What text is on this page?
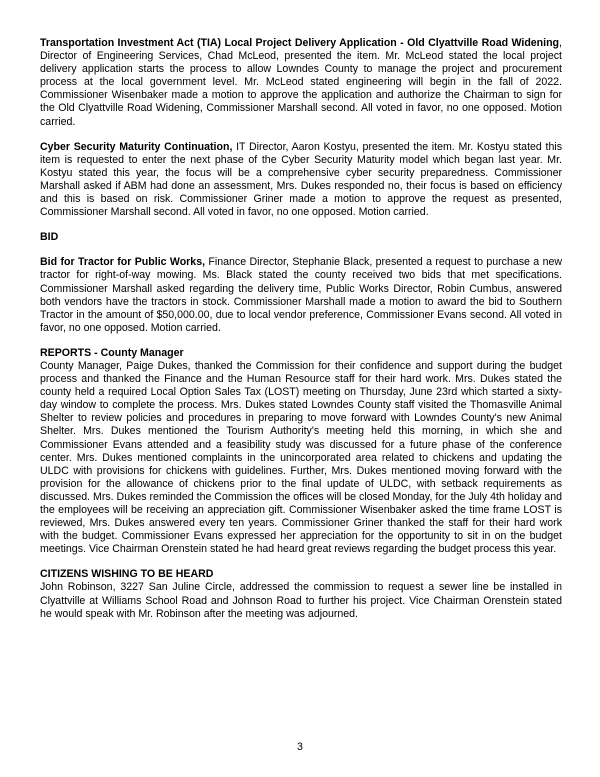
Transportation Investment Act (TIA) Local Project Delivery Application - Old Clyattville Road Widening, Director of Engineering Services, Chad McLeod, presented the item. Mr. McLeod stated the local project delivery application starts the process to allow Lowndes County to manage the project and procurement process at the local government level. Mr. McLeod stated engineering will begin in the fall of 2022. Commissioner Wisenbaker made a motion to approve the application and authorize the Chairman to sign for the Old Clyattville Road Widening, Commissioner Marshall second. All voted in favor, no one opposed. Motion carried.

Cyber Security Maturity Continuation, IT Director, Aaron Kostyu, presented the item. Mr. Kostyu stated this item is requested to enter the next phase of the Cyber Security Maturity model which began last year. Mr. Kostyu stated this year, the focus will be a comprehensive cyber security preparedness. Commissioner Marshall asked if ABM had done an assessment, Mrs. Dukes responded no, their focus is based on efficiency and this is based on risk. Commissioner Griner made a motion to approve the request as presented, Commissioner Marshall second. All voted in favor, no one opposed. Motion carried.

BID

Bid for Tractor for Public Works, Finance Director, Stephanie Black, presented a request to purchase a new tractor for right-of-way mowing. Ms. Black stated the county received two bids that met specifications. Commissioner Marshall asked regarding the delivery time, Public Works Director, Robin Cumbus, answered both vendors have the tractors in stock. Commissioner Marshall made a motion to award the bid to Southern Tractor in the amount of $50,000.00, due to local vendor preference, Commissioner Evans second. All voted in favor, no one opposed. Motion carried.

REPORTS - County Manager

County Manager, Paige Dukes, thanked the Commission for their confidence and support during the budget process and thanked the Finance and the Human Resource staff for their hard work. Mrs. Dukes stated the county held a required Local Option Sales Tax (LOST) meeting on Thursday, June 23rd which started a sixty-day window to complete the process. Mrs. Dukes stated Lowndes County staff visited the Thomasville Animal Shelter to review policies and procedures in preparing to move forward with Lowndes County's new Animal Shelter. Mrs. Dukes mentioned the Tourism Authority's meeting held this morning, in which she and Commissioner Evans attended and a feasibility study was discussed for a future phase of the conference center. Mrs. Dukes mentioned complaints in the unincorporated area related to chickens and updating the ULDC with provisions for chickens with guidelines. Further, Mrs. Dukes mentioned moving forward with the provision for the allowance of chickens prior to the final update of ULDC, with setback requirements as discussed. Mrs. Dukes reminded the Commission the offices will be closed Monday, for the July 4th holiday and the employees will be receiving an appreciation gift. Commissioner Wisenbaker asked the time frame LOST is reviewed, Mrs. Dukes answered every ten years. Commissioner Griner thanked the staff for their hard work with the budget. Commissioner Evans expressed her appreciation for the opportunity to sit in on the budget meetings. Vice Chairman Orenstein stated he had heard great reviews regarding the budget process this year.

CITIZENS WISHING TO BE HEARD

John Robinson, 3227 San Juline Circle, addressed the commission to request a sewer line be installed in Clyattville at Williams School Road and Johnson Road to further his project. Vice Chairman Orenstein stated he would speak with Mr. Robinson after the meeting was adjourned.

3
